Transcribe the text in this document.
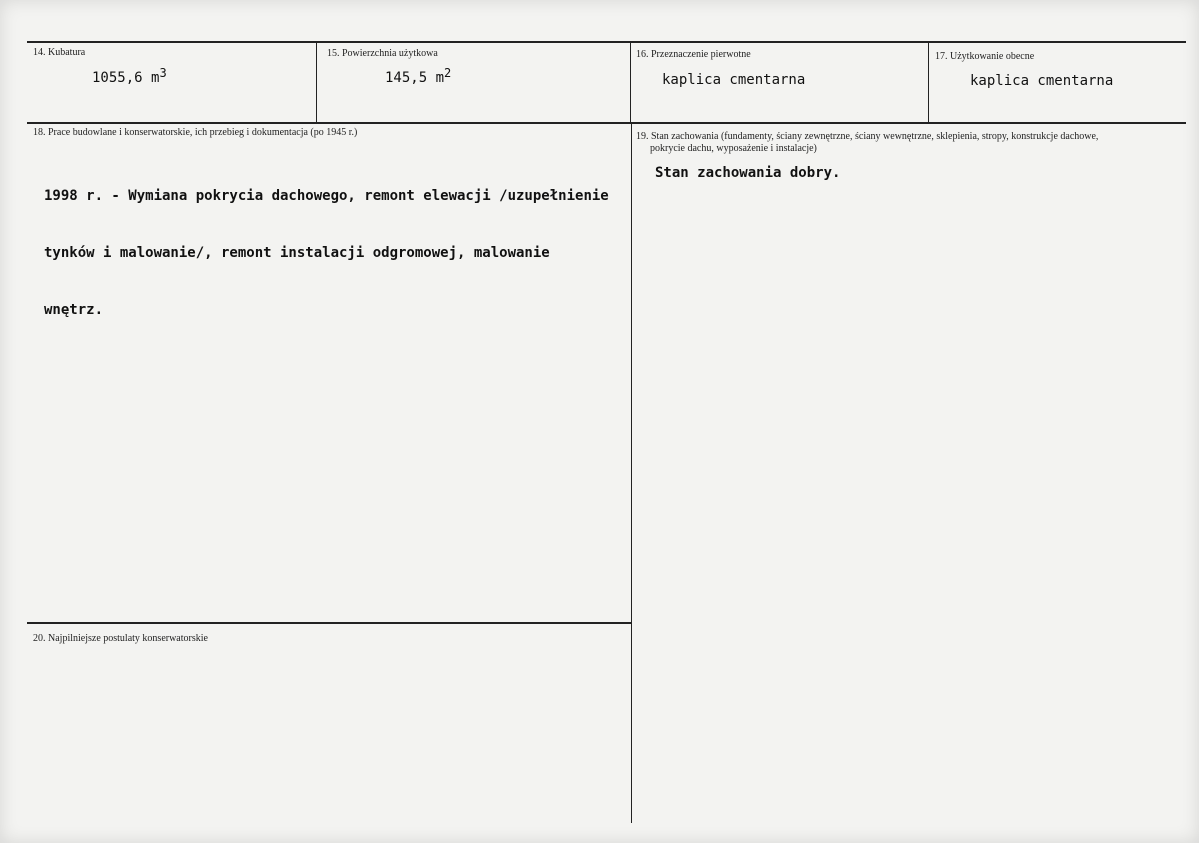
14. Kubatura
1055,6 $m^3$
15. Powierzchnia użytkowa
145,5 $m^2$
16. Przeznaczenie pierwotne
kaplica cmentarna
17. Użytkowanie obecne
kaplica cmentarna
18. Prace budowlane i konserwatorskie, ich przebieg i dokumentacja (po 1945 r.)

1998 r. - Wymiana pokrycia dachowego, remont elewacji /uzupełnienie

tynków i malowanie/, remont instalacji odgromowej, malowanie

wnętrz.

19. Stan zachowania (fundamenty, ściany zewnętrzne, ściany wewnętrzne, sklepienia, stropy, konstrukcje dachowe,
pokrycie dachu, wyposażenie i instalacje)
Stan zachowania dobry.
20. Najpilniejsze postulaty konserwatorskie
